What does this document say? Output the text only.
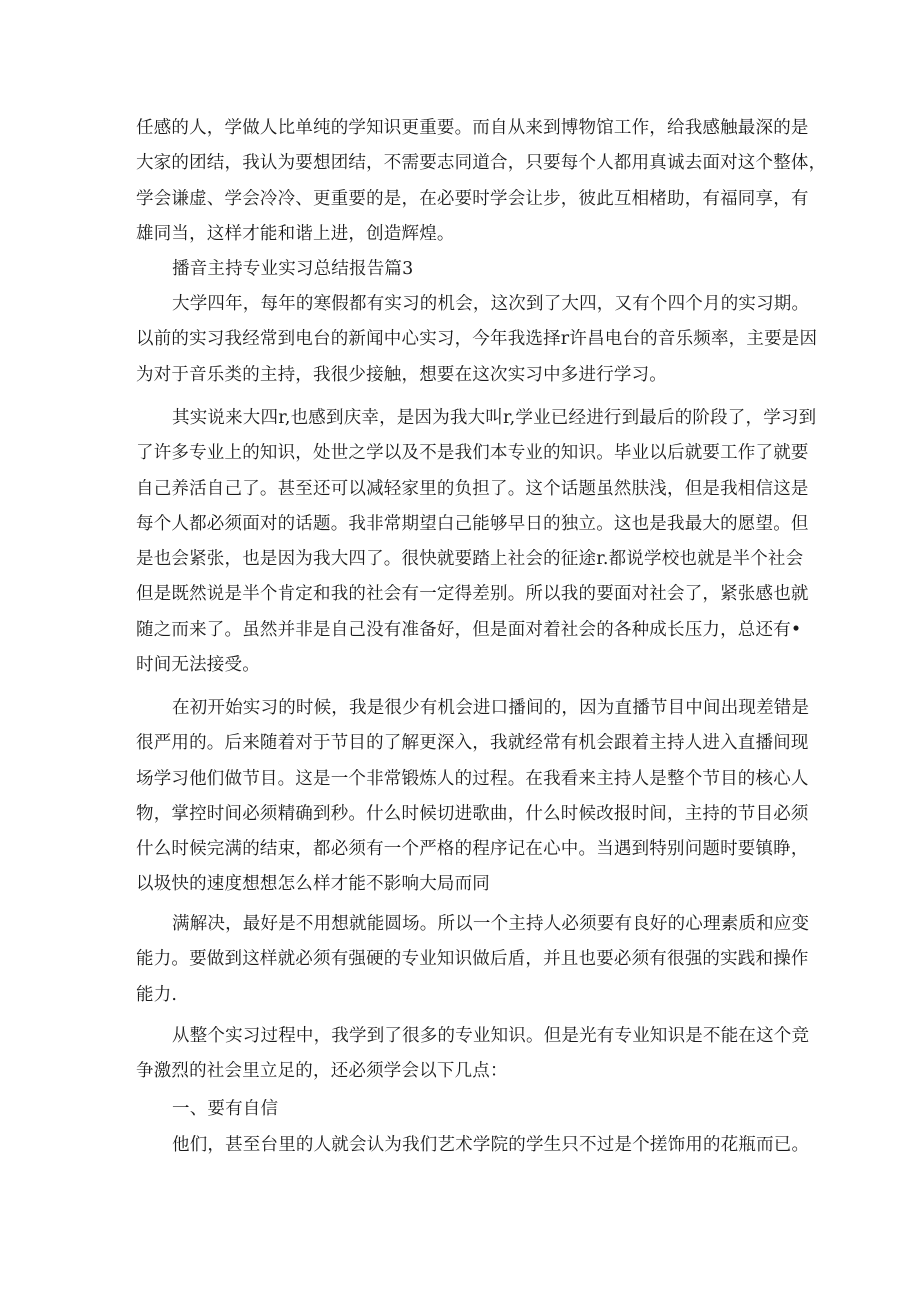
任感的人，学做人比单纯的学知识更重要。而自从来到博物馆工作，给我感触最深的是
大家的团结，我认为要想团结，不需要志同道合，只要每个人都用真诚去面对这个整体，
学会谦虚、学会冷冷、更重要的是，在必要时学会让步，彼此互相楮助，有福同享，有
雄同当，这样才能和谐上进，创造辉煌。
播音主持专业实习总结报告篇3
大学四年，每年的寒假都有实习的机会，这次到了大四，又有个四个月的实习期。
以前的实习我经常到电台的新闻中心实习，今年我选择r许昌电台的音乐频率，主要是因
为对于音乐类的主持，我很少接触，想要在这次实习中多进行学习。
其实说来大四r,也感到庆幸，是因为我大叫r,学业已经进行到最后的阶段了，学习到
了许多专业上的知识，处世之学以及不是我们本专业的知识。毕业以后就要工作了就要
自己养活自己了。甚至还可以减轻家里的负担了。这个话题虽然肤浅，但是我相信这是
每个人都必须面对的话题。我非常期望白己能够早日的独立。这也是我最大的愿望。但
是也会紧张，也是因为我大四了。很快就要踏上社会的征途r.都说学校也就是半个社会
但是既然说是半个肯定和我的社会有一定得差别。所以我的要面对社会了，紧张感也就
随之而来了。虽然并非是自己没有准备好，但是面对着社会的各种成长压力，总还有•
时间无法接受。
在初开始实习的时候，我是很少有机会进口播间的，因为直播节目中间出现差错是
很严用的。后来随着对于节目的了解更深入，我就经常有机会跟着主持人进入直播间现
场学习他们做节目。这是一个非常锻炼人的过程。在我看来主持人是整个节目的核心人
物，掌控时间必须精确到秒。什么时候切进歌曲，什么时候改报时间，主持的节目必须
什么时候完满的结束，都必须有一个严格的程序记在心中。当遇到特别问题时要镇睁，
以圾快的速度想想怎么样才能不影响大局而同
满解决，最好是不用想就能圆场。所以一个主持人必须要有良好的心理素质和应变
能力。要做到这样就必须有强硬的专业知识做后盾，并且也要必须有很强的实践和操作
能力.
从整个实习过程中，我学到了很多的专业知识。但是光有专业知识是不能在这个竞
争激烈的社会里立足的，还必须学会以下几点：
一、要有自信
他们，甚至台里的人就会认为我们艺术学院的学生只不过是个搓饰用的花瓶而已。
